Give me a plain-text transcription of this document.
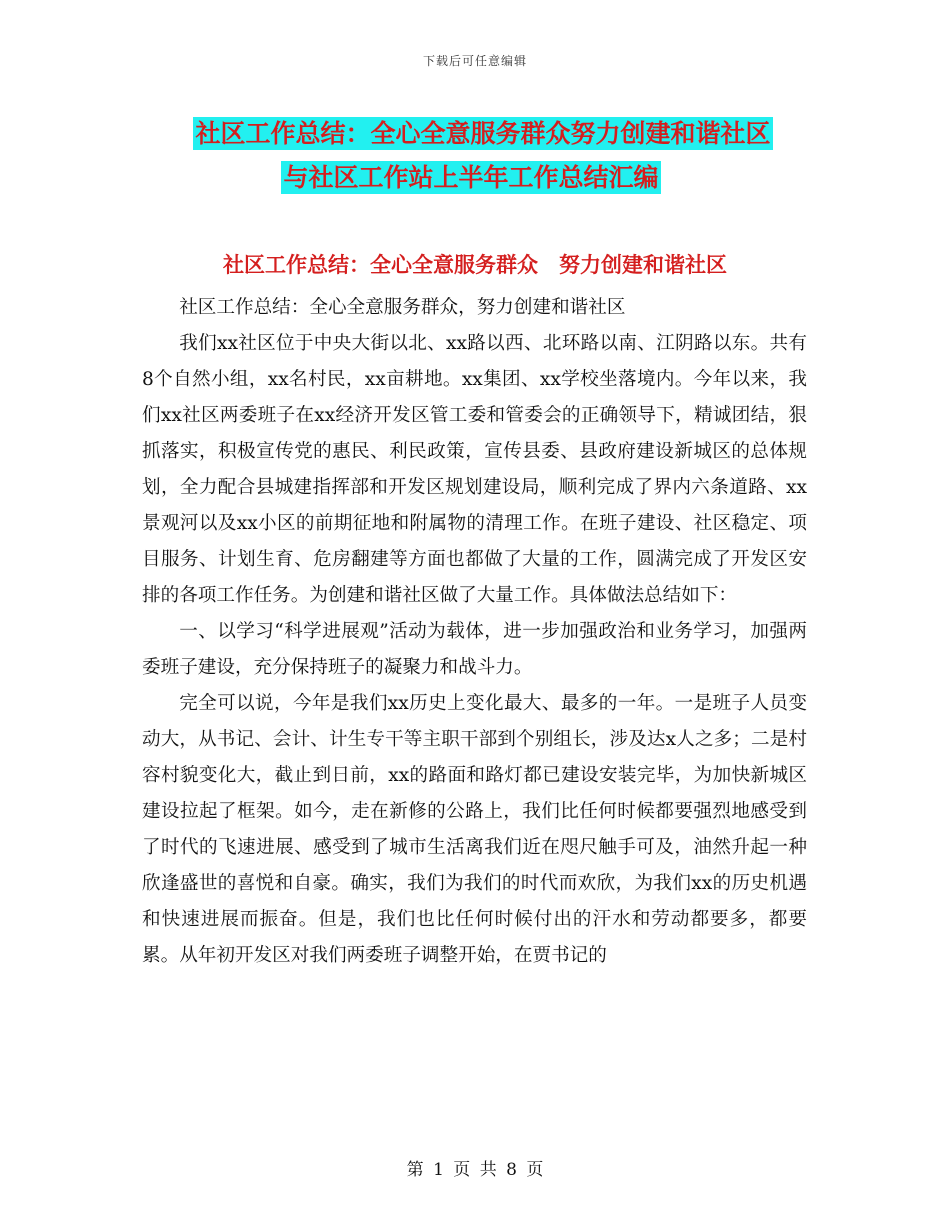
下载后可任意编辑
社区工作总结：全心全意服务群众努力创建和谐社区
与社区工作站上半年工作总结汇编
社区工作总结：全心全意服务群众　努力创建和谐社区

社区工作总结：全心全意服务群众，努力创建和谐社区

我们xx社区位于中央大街以北、xx路以西、北环路以南、江阴路以东。共有8个自然小组，xx名村民，xx亩耕地。xx集团、xx学校坐落境内。今年以来，我们xx社区两委班子在xx经济开发区管工委和管委会的正确领导下，精诚团结，狠抓落实，积极宣传党的惠民、利民政策，宣传县委、县政府建设新城区的总体规划，全力配合县城建指挥部和开发区规划建设局，顺利完成了界内六条道路、xx景观河以及xx小区的前期征地和附属物的清理工作。在班子建设、社区稳定、项目服务、计划生育、危房翻建等方面也都做了大量的工作，圆满完成了开发区安排的各项工作任务。为创建和谐社区做了大量工作。具体做法总结如下：

一、以学习“科学进展观”活动为载体，进一步加强政治和业务学习，加强两委班子建设，充分保持班子的凝聚力和战斗力。

完全可以说，今年是我们xx历史上变化最大、最多的一年。一是班子人员变动大，从书记、会计、计生专干等主职干部到个别组长，涉及达x人之多；二是村容村貌变化大，截止到日前，xx的路面和路灯都已建设安装完毕，为加快新城区建设拉起了框架。如今，走在新修的公路上，我们比任何时候都要强烈地感受到了时代的飞速进展、感受到了城市生活离我们近在咫尺触手可及，油然升起一种欣逢盛世的喜悦和自豪。确实，我们为我们的时代而欢欣，为我们xx的历史机遇和快速进展而振奋。但是，我们也比任何时候付出的汗水和劳动都要多，都要累。从年初开发区对我们两委班子调整开始，在贾书记的

第 1 页 共 8 页
